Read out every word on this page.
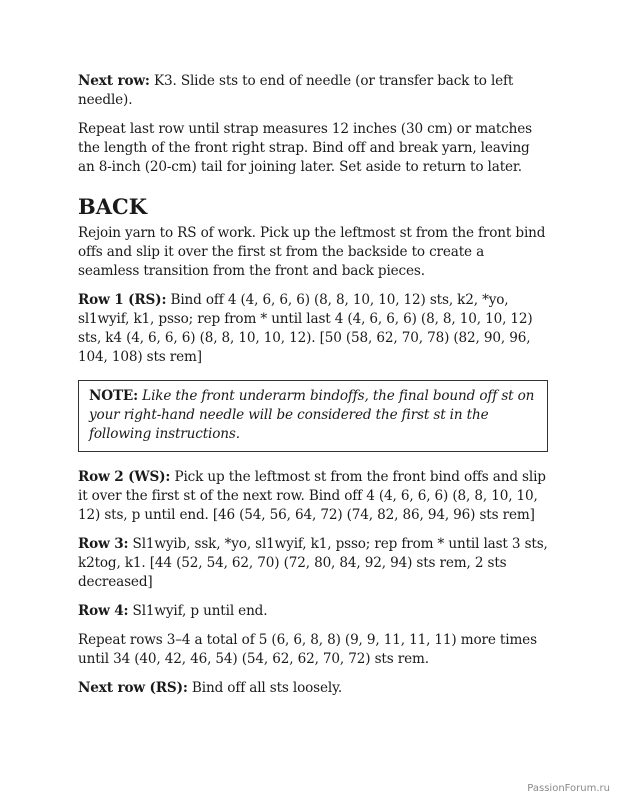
Next row: K3. Slide sts to end of needle (or transfer back to left needle).

Repeat last row until strap measures 12 inches (30 cm) or matches the length of the front right strap. Bind off and break yarn, leaving an 8-inch (20-cm) tail for joining later. Set aside to return to later.

BACK

Rejoin yarn to RS of work. Pick up the leftmost st from the front bind offs and slip it over the first st from the backside to create a seamless transition from the front and back pieces.

Row 1 (RS): Bind off 4 (4, 6, 6, 6) (8, 8, 10, 10, 12) sts, k2, *yo, sl1wyif, k1, psso; rep from * until last 4 (4, 6, 6, 6) (8, 8, 10, 10, 12) sts, k4 (4, 6, 6, 6) (8, 8, 10, 10, 12). [50 (58, 62, 70, 78) (82, 90, 96, 104, 108) sts rem]

NOTE: Like the front underarm bindoffs, the final bound off st on your right-hand needle will be considered the first st in the following instructions.

Row 2 (WS): Pick up the leftmost st from the front bind offs and slip it over the first st of the next row. Bind off 4 (4, 6, 6, 6) (8, 8, 10, 10, 12) sts, p until end. [46 (54, 56, 64, 72) (74, 82, 86, 94, 96) sts rem]

Row 3: Sl1wyib, ssk, *yo, sl1wyif, k1, psso; rep from * until last 3 sts, k2tog, k1. [44 (52, 54, 62, 70) (72, 80, 84, 92, 94) sts rem, 2 sts decreased]

Row 4: Sl1wyif, p until end.

Repeat rows 3–4 a total of 5 (6, 6, 8, 8) (9, 9, 11, 11, 11) more times until 34 (40, 42, 46, 54) (54, 62, 62, 70, 72) sts rem.

Next row (RS): Bind off all sts loosely.

PassionForum.ru
